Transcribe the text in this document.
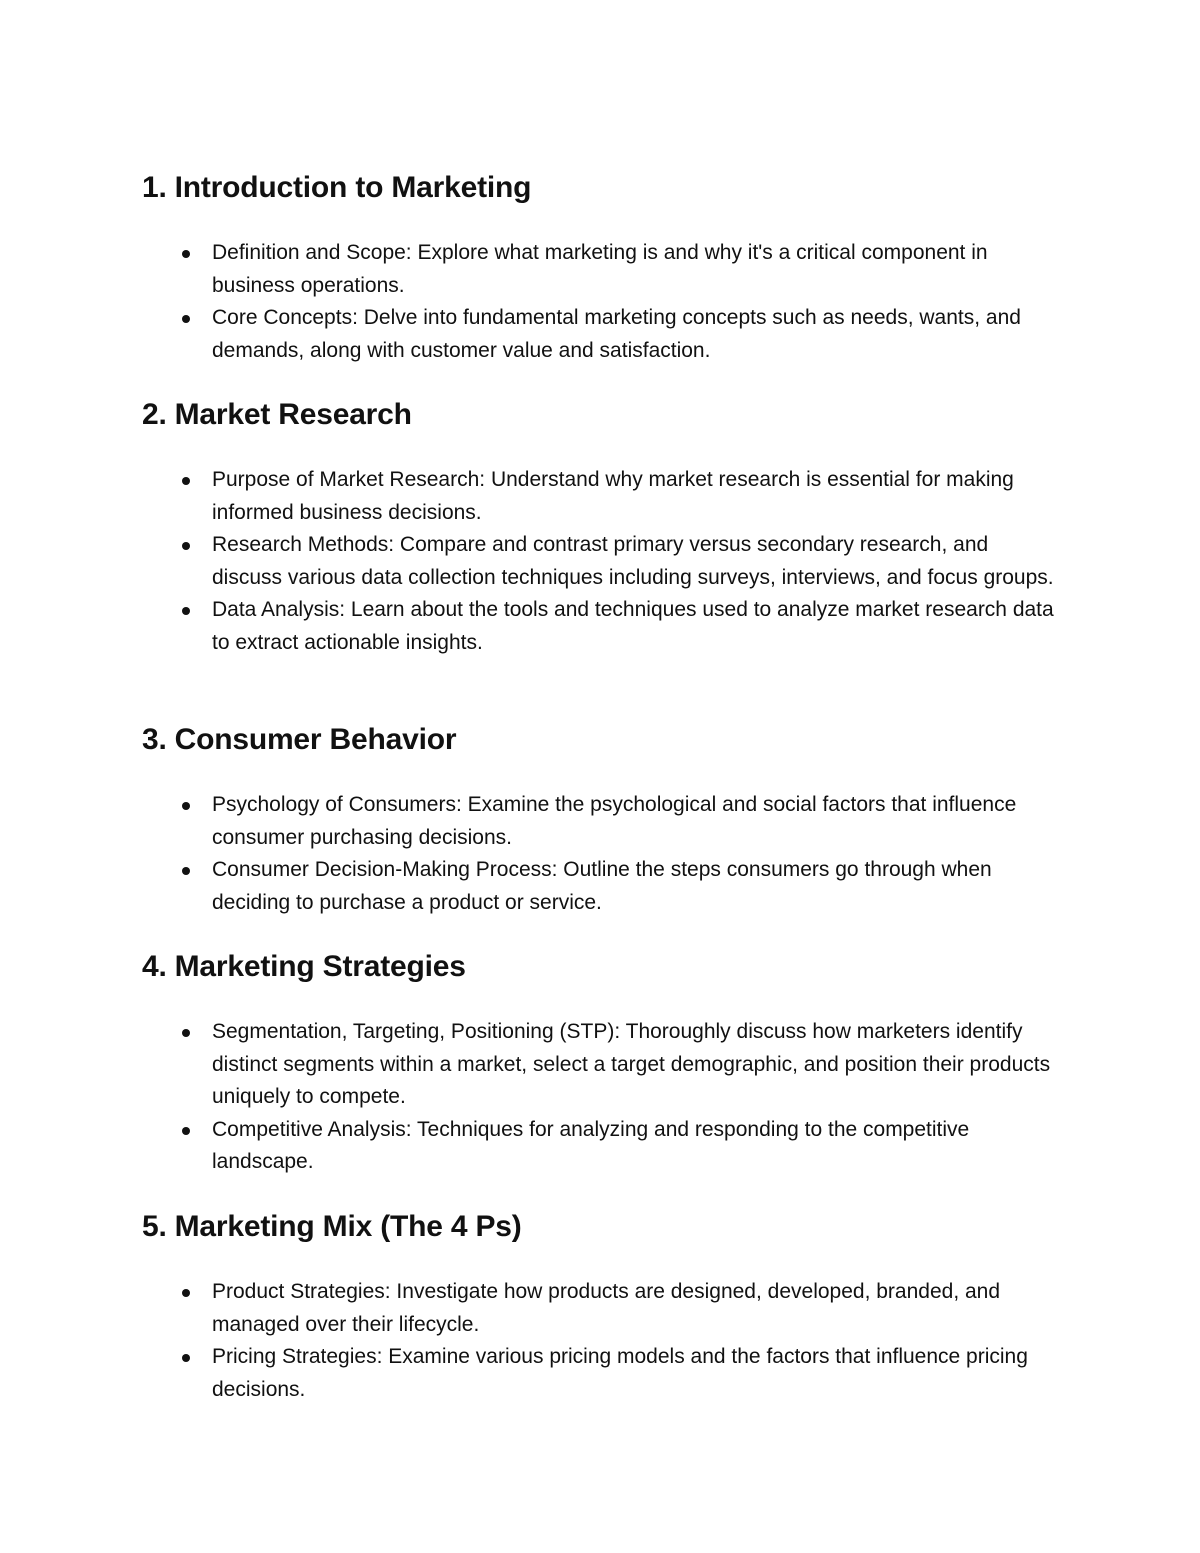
1. Introduction to Marketing
Definition and Scope: Explore what marketing is and why it's a critical component in business operations.
Core Concepts: Delve into fundamental marketing concepts such as needs, wants, and demands, along with customer value and satisfaction.
2. Market Research
Purpose of Market Research: Understand why market research is essential for making informed business decisions.
Research Methods: Compare and contrast primary versus secondary research, and discuss various data collection techniques including surveys, interviews, and focus groups.
Data Analysis: Learn about the tools and techniques used to analyze market research data to extract actionable insights.
3. Consumer Behavior
Psychology of Consumers: Examine the psychological and social factors that influence consumer purchasing decisions.
Consumer Decision-Making Process: Outline the steps consumers go through when deciding to purchase a product or service.
4. Marketing Strategies
Segmentation, Targeting, Positioning (STP): Thoroughly discuss how marketers identify distinct segments within a market, select a target demographic, and position their products uniquely to compete.
Competitive Analysis: Techniques for analyzing and responding to the competitive landscape.
5. Marketing Mix (The 4 Ps)
Product Strategies: Investigate how products are designed, developed, branded, and managed over their lifecycle.
Pricing Strategies: Examine various pricing models and the factors that influence pricing decisions.
